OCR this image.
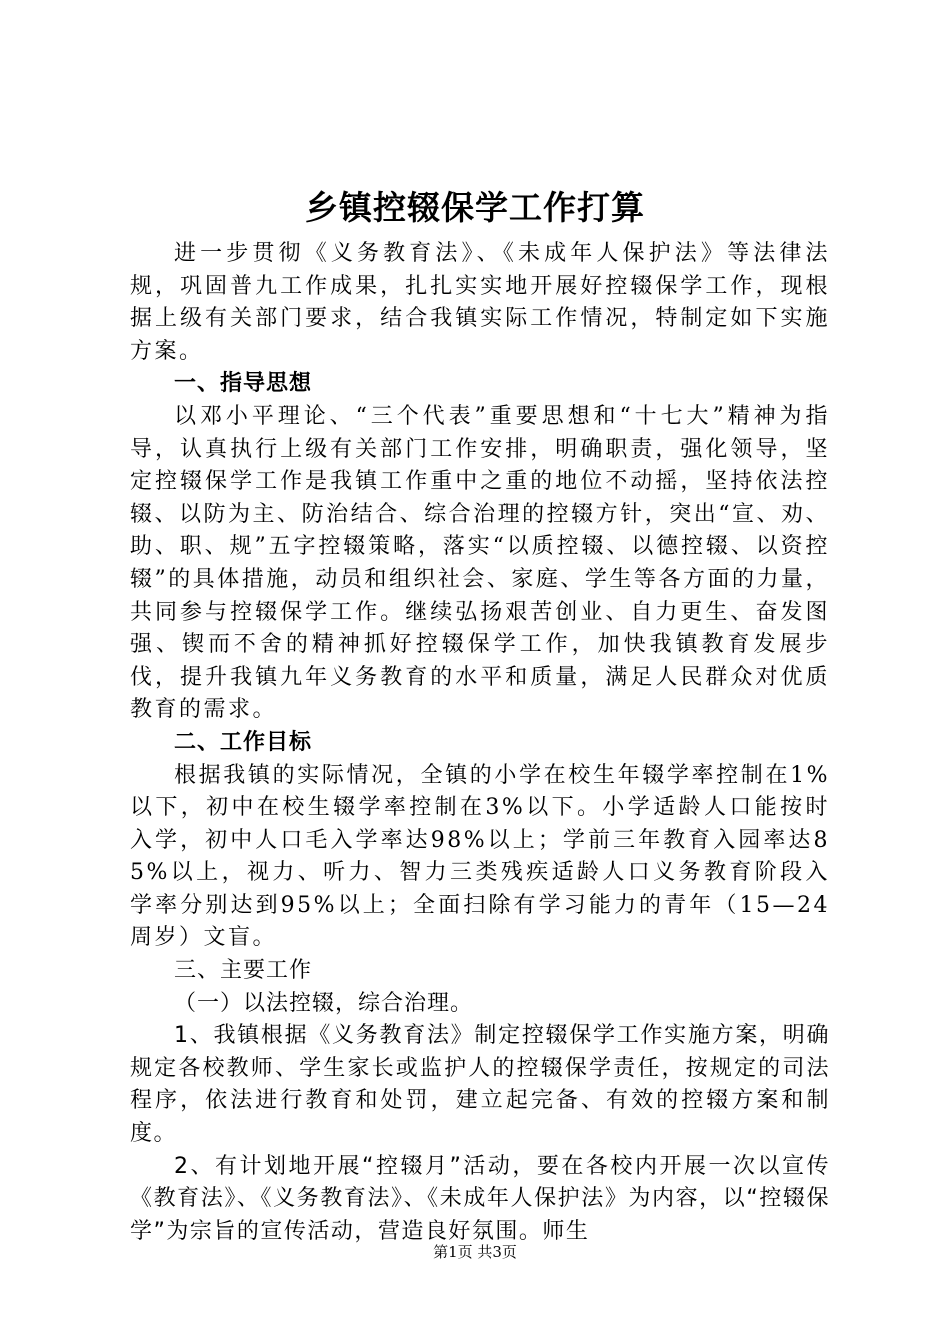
乡镇控辍保学工作打算

进一步贯彻《义务教育法》、《未成年人保护法》等法律法规，巩固普九工作成果，扎扎实实地开展好控辍保学工作，现根据上级有关部门要求，结合我镇实际工作情况，特制定如下实施方案。

一、指导思想

以邓小平理论、“三个代表”重要思想和“十七大”精神为指导，认真执行上级有关部门工作安排，明确职责，强化领导，坚定控辍保学工作是我镇工作重中之重的地位不动摇，坚持依法控辍、以防为主、防治结合、综合治理的控辍方针，突出“宣、劝、助、职、规”五字控辍策略，落实“以质控辍、以德控辍、以资控辍”的具体措施，动员和组织社会、家庭、学生等各方面的力量，共同参与控辍保学工作。继续弘扬艰苦创业、自力更生、奋发图强、锲而不舍的精神抓好控辍保学工作，加快我镇教育发展步伐，提升我镇九年义务教育的水平和质量，满足人民群众对优质教育的需求。

二、工作目标

根据我镇的实际情况，全镇的小学在校生年辍学率控制在1%以下，初中在校生辍学率控制在3%以下。小学适龄人口能按时入学，初中人口毛入学率达98%以上；学前三年教育入园率达85%以上，视力、听力、智力三类残疾适龄人口义务教育阶段入学率分别达到95%以上；全面扫除有学习能力的青年（15—24周岁）文盲。

三、主要工作

（一）以法控辍，综合治理。

1、我镇根据《义务教育法》制定控辍保学工作实施方案，明确规定各校教师、学生家长或监护人的控辍保学责任，按规定的司法程序，依法进行教育和处罚，建立起完备、有效的控辍方案和制度。

2、有计划地开展“控辍月”活动，要在各校内开展一次以宣传《教育法》、《义务教育法》、《未成年人保护法》为内容，以“控辍保学”为宗旨的宣传活动，营造良好氛围。师生

第1页 共3页
